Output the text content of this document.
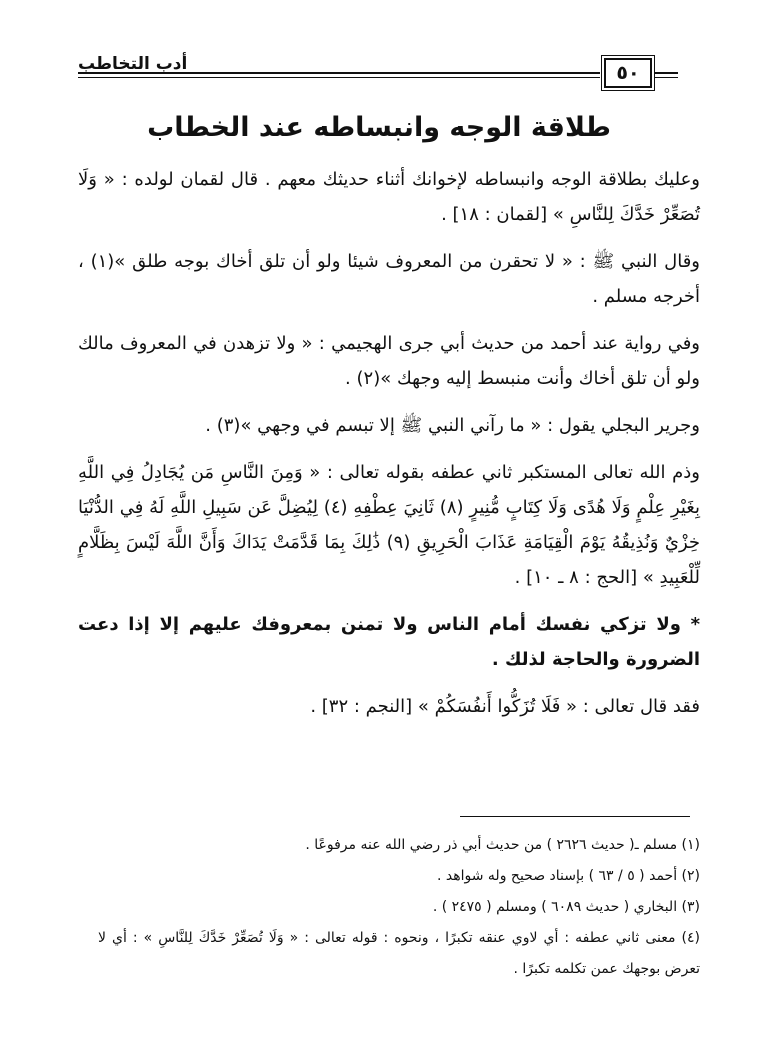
أدب التخاطب	٥٠
طلاقة الوجه وانبساطه عند الخطاب

وعليك بطلاقة الوجه وانبساطه لإخوانك أثناء حديثك معهم . قال لقمان لولده : « وَلَا تُصَعِّرْ خَدَّكَ لِلنَّاسِ » [لقمان : ١٨] .

وقال النبي ﷺ : « لا تحقرن من المعروف شيئا ولو أن تلق أخاك بوجه طلق »(١) ، أخرجه مسلم .

وفي رواية عند أحمد من حديث أبي جرى الهجيمي : « ولا تزهدن في المعروف مالك ولو أن تلق أخاك وأنت منبسط إليه وجهك »(٢) .

وجرير البجلي يقول : « ما رآني النبي ﷺ إلا تبسم في وجهي »(٣) .

وذم الله تعالى المستكبر ثاني عطفه بقوله تعالى : « وَمِنَ النَّاسِ مَن يُجَادِلُ فِي اللَّهِ بِغَيْرِ عِلْمٍ وَلَا هُدًى وَلَا كِتَابٍ مُّنِيرٍ (٨) ثَانِيَ عِطْفِهِ (٤) لِيُضِلَّ عَن سَبِيلِ اللَّهِ لَهُ فِي الدُّنْيَا خِزْيٌ وَنُذِيقُهُ يَوْمَ الْقِيَامَةِ عَذَابَ الْحَرِيقِ (٩) ذَٰلِكَ بِمَا قَدَّمَتْ يَدَاكَ وَأَنَّ اللَّهَ لَيْسَ بِظَلَّامٍ لِّلْعَبِيدِ » [الحج : ٨ ـ ١٠] .

* ولا تزكي نفسك أمام الناس ولا تمنن بمعروفك عليهم إلا إذا دعت الضرورة والحاجة لذلك .

فقد قال تعالى : « فَلَا تُزَكُّوا أَنفُسَكُمْ » [النجم : ٣٢] .

(١) مسلم ـ( حديث ٢٦٢٦ ) من حديث أبي ذر رضي الله عنه مرفوعًا .
(٢) أحمد ( ٥ / ٦٣ ) بإسناد صحيح وله شواهد .
(٣) البخاري ( حديث ٦٠٨٩ ) ومسلم ( ٢٤٧٥ ) .
(٤) معنى ثاني عطفه : أي لاوي عنقه تكبرًا ، ونحوه : قوله تعالى : « وَلَا تُصَعِّرْ خَدَّكَ لِلنَّاسِ » : أي لا تعرض بوجهك عمن تكلمه تكبرًا .
